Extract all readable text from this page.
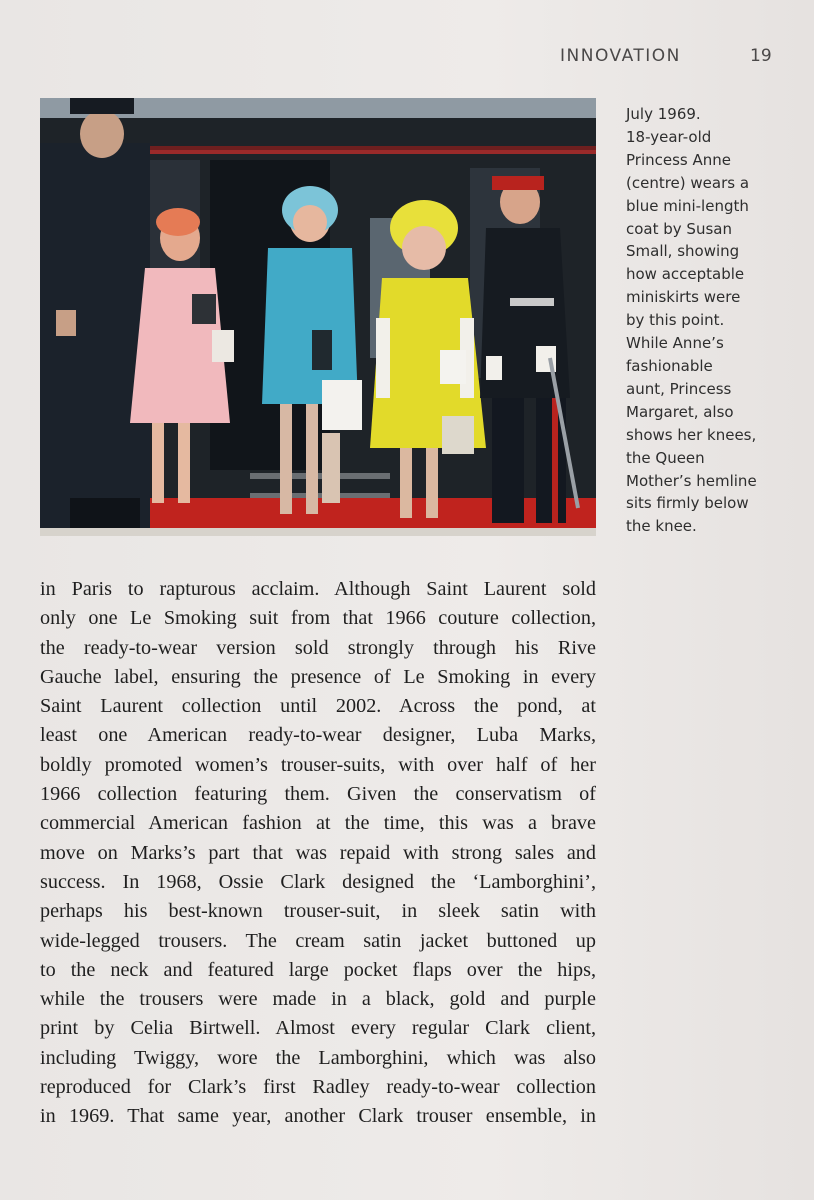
INNOVATION	19

July 1969.
18-year-old
Princess Anne
(centre) wears a
blue mini-length
coat by Susan
Small, showing
how acceptable
miniskirts were
by this point.
While Anne’s
fashionable
aunt, Princess
Margaret, also
shows her knees,
the Queen
Mother’s hemline
sits firmly below
the knee.

in Paris to rapturous acclaim. Although Saint Laurent sold
only one Le Smoking suit from that 1966 couture collection,
the ready-to-wear version sold strongly through his Rive
Gauche label, ensuring the presence of Le Smoking in every
Saint Laurent collection until 2002. Across the pond, at
least one American ready-to-wear designer, Luba Marks,
boldly promoted women’s trouser-suits, with over half of her
1966 collection featuring them. Given the conservatism of
commercial American fashion at the time, this was a brave
move on Marks’s part that was repaid with strong sales and
success. In 1968, Ossie Clark designed the ‘Lamborghini’,
perhaps his best-known trouser-suit, in sleek satin with
wide-legged trousers. The cream satin jacket buttoned up
to the neck and featured large pocket flaps over the hips,
while the trousers were made in a black, gold and purple
print by Celia Birtwell. Almost every regular Clark client,
including Twiggy, wore the Lamborghini, which was also
reproduced for Clark’s first Radley ready-to-wear collection
in 1969. That same year, another Clark trouser ensemble, in
